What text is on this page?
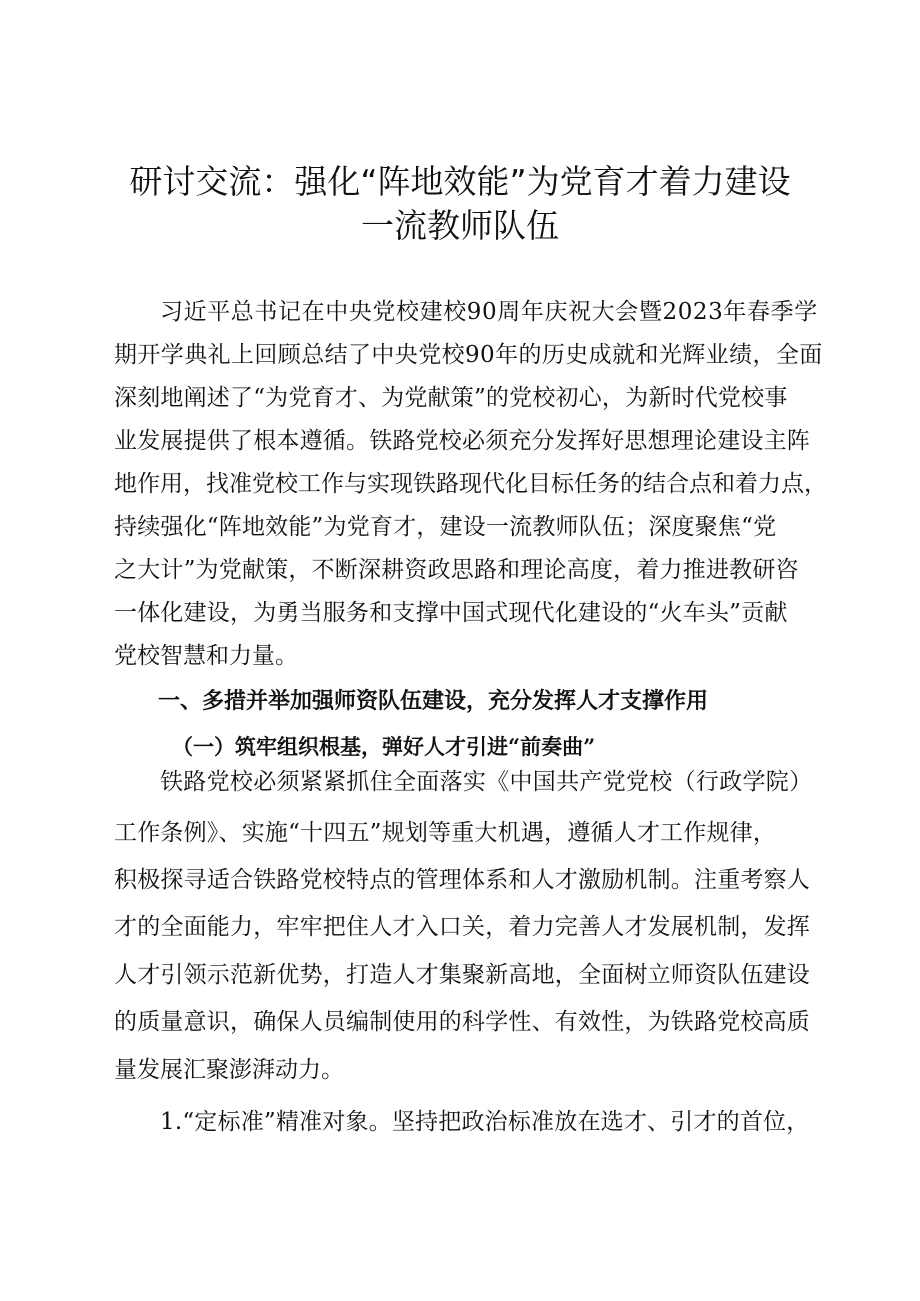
研讨交流：强化“阵地效能”为党育才着力建设
一流教师队伍

习近平总书记在中央党校建校90周年庆祝大会暨2023年春季学

期开学典礼上回顾总结了中央党校90年的历史成就和光辉业绩，全面

深刻地阐述了“为党育才、为党献策”的党校初心，为新时代党校事

业发展提供了根本遵循。铁路党校必须充分发挥好思想理论建设主阵

地作用，找准党校工作与实现铁路现代化目标任务的结合点和着力点，

持续强化“阵地效能”为党育才，建设一流教师队伍；深度聚焦“党

之大计”为党献策，不断深耕资政思路和理论高度，着力推进教研咨

一体化建设，为勇当服务和支撑中国式现代化建设的“火车头”贡献

党校智慧和力量。

一、多措并举加强师资队伍建设，充分发挥人才支撑作用
（一）筑牢组织根基，弹好人才引进“前奏曲”

铁路党校必须紧紧抓住全面落实《中国共产党党校（行政学院）

工作条例》、实施“十四五”规划等重大机遇，遵循人才工作规律，

积极探寻适合铁路党校特点的管理体系和人才激励机制。注重考察人

才的全面能力，牢牢把住人才入口关，着力完善人才发展机制，发挥

人才引领示范新优势，打造人才集聚新高地，全面树立师资队伍建设

的质量意识，确保人员编制使用的科学性、有效性，为铁路党校高质

量发展汇聚澎湃动力。

1.“定标准”精准对象。坚持把政治标准放在选才、引才的首位，
